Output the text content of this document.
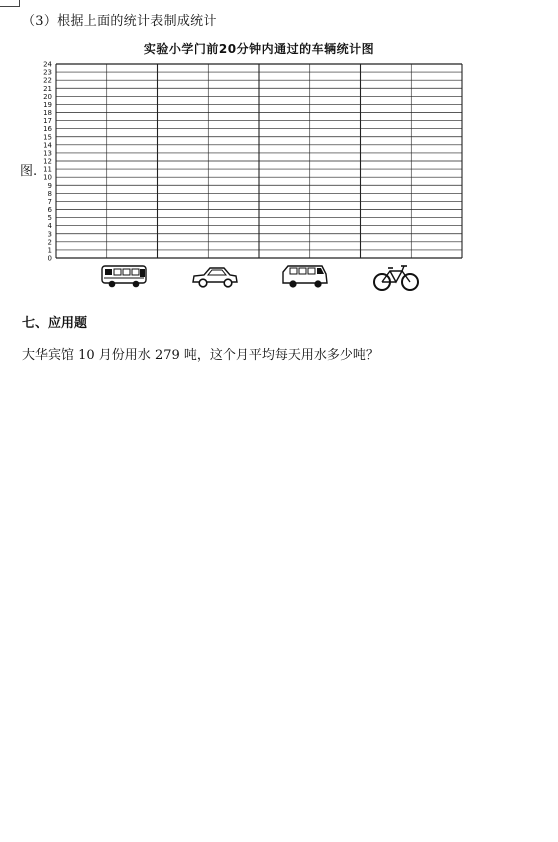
（3）根据上面的统计表制成统计
实验小学门前20分钟内通过的车辆统计图
图.
0
1
2
3
4
5
6
7
8
9
10
11
12
13
14
15
16
17
18
19
20
21
22
23
24
七、应用题
大华宾馆 10 月份用水 279 吨，这个月平均每天用水多少吨？
